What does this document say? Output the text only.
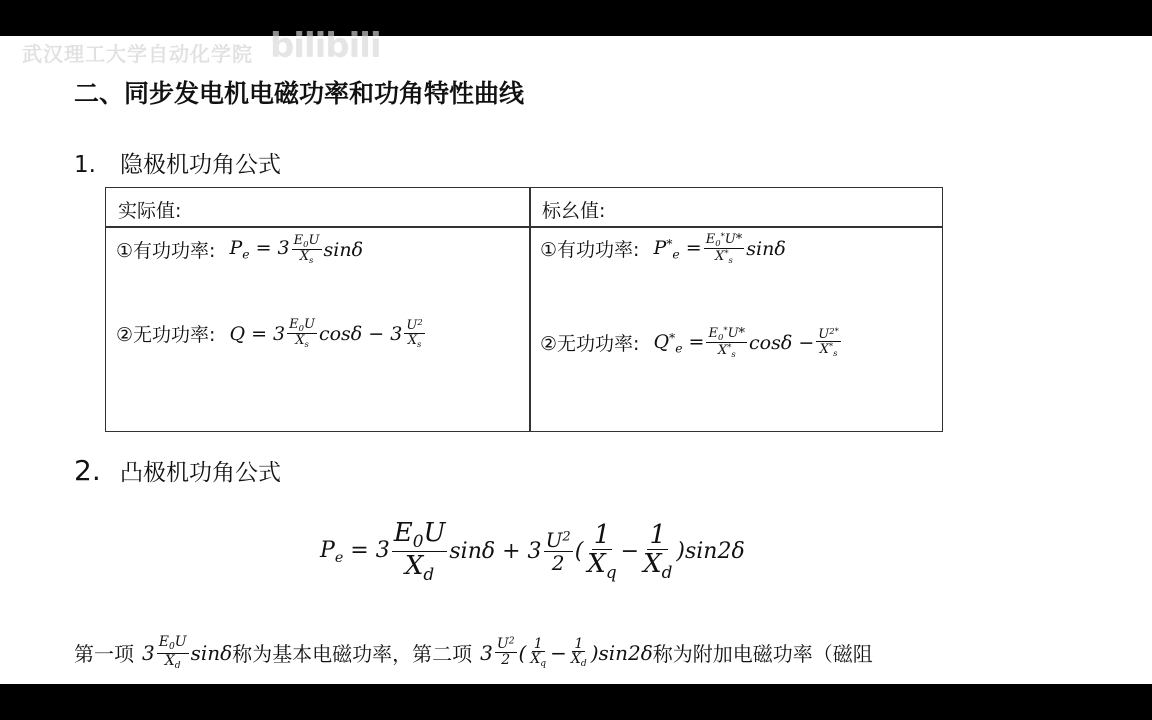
武汉理工大学自动化学院 bilibili
二、同步发电机电磁功率和功角特性曲线
1. 隐极机功角公式
实际值:	标幺值:
①有功功率: $P_e = 3 \frac{E_0U}{X_s}$ sinδ
②无功功率: $Q = 3 \frac{E_0U}{X_s}$ $\cos\delta - 3 \frac{U^2}{X_s}$
①有功功率: $P^*_e = \frac{E_0^*U*}{X^*_s}$ sinδ
②无功功率: $Q^*_e = \frac{E_0^*U*}{X^*_s}$ $\cos\delta - \frac{U^{2*}}{X^*_s}$
2. 凸极机功角公式
$P_e = 3 \frac{E_0U}{X_d}$ $\sin\delta + 3 \frac{U^2}{2}$ ( $\frac{1}{X_q} - \frac{1}{X_d} )\sin 2\delta$
第一项 $3 \frac{E_0U}{X_d}$ sinδ 称为基本电磁功率，第二项 $3 \frac{U^2}{2}$ ( $\frac{1}{X_q} - \frac{1}{X_d} )\sin 2\delta$ 称为附加电磁功率（磁阻
